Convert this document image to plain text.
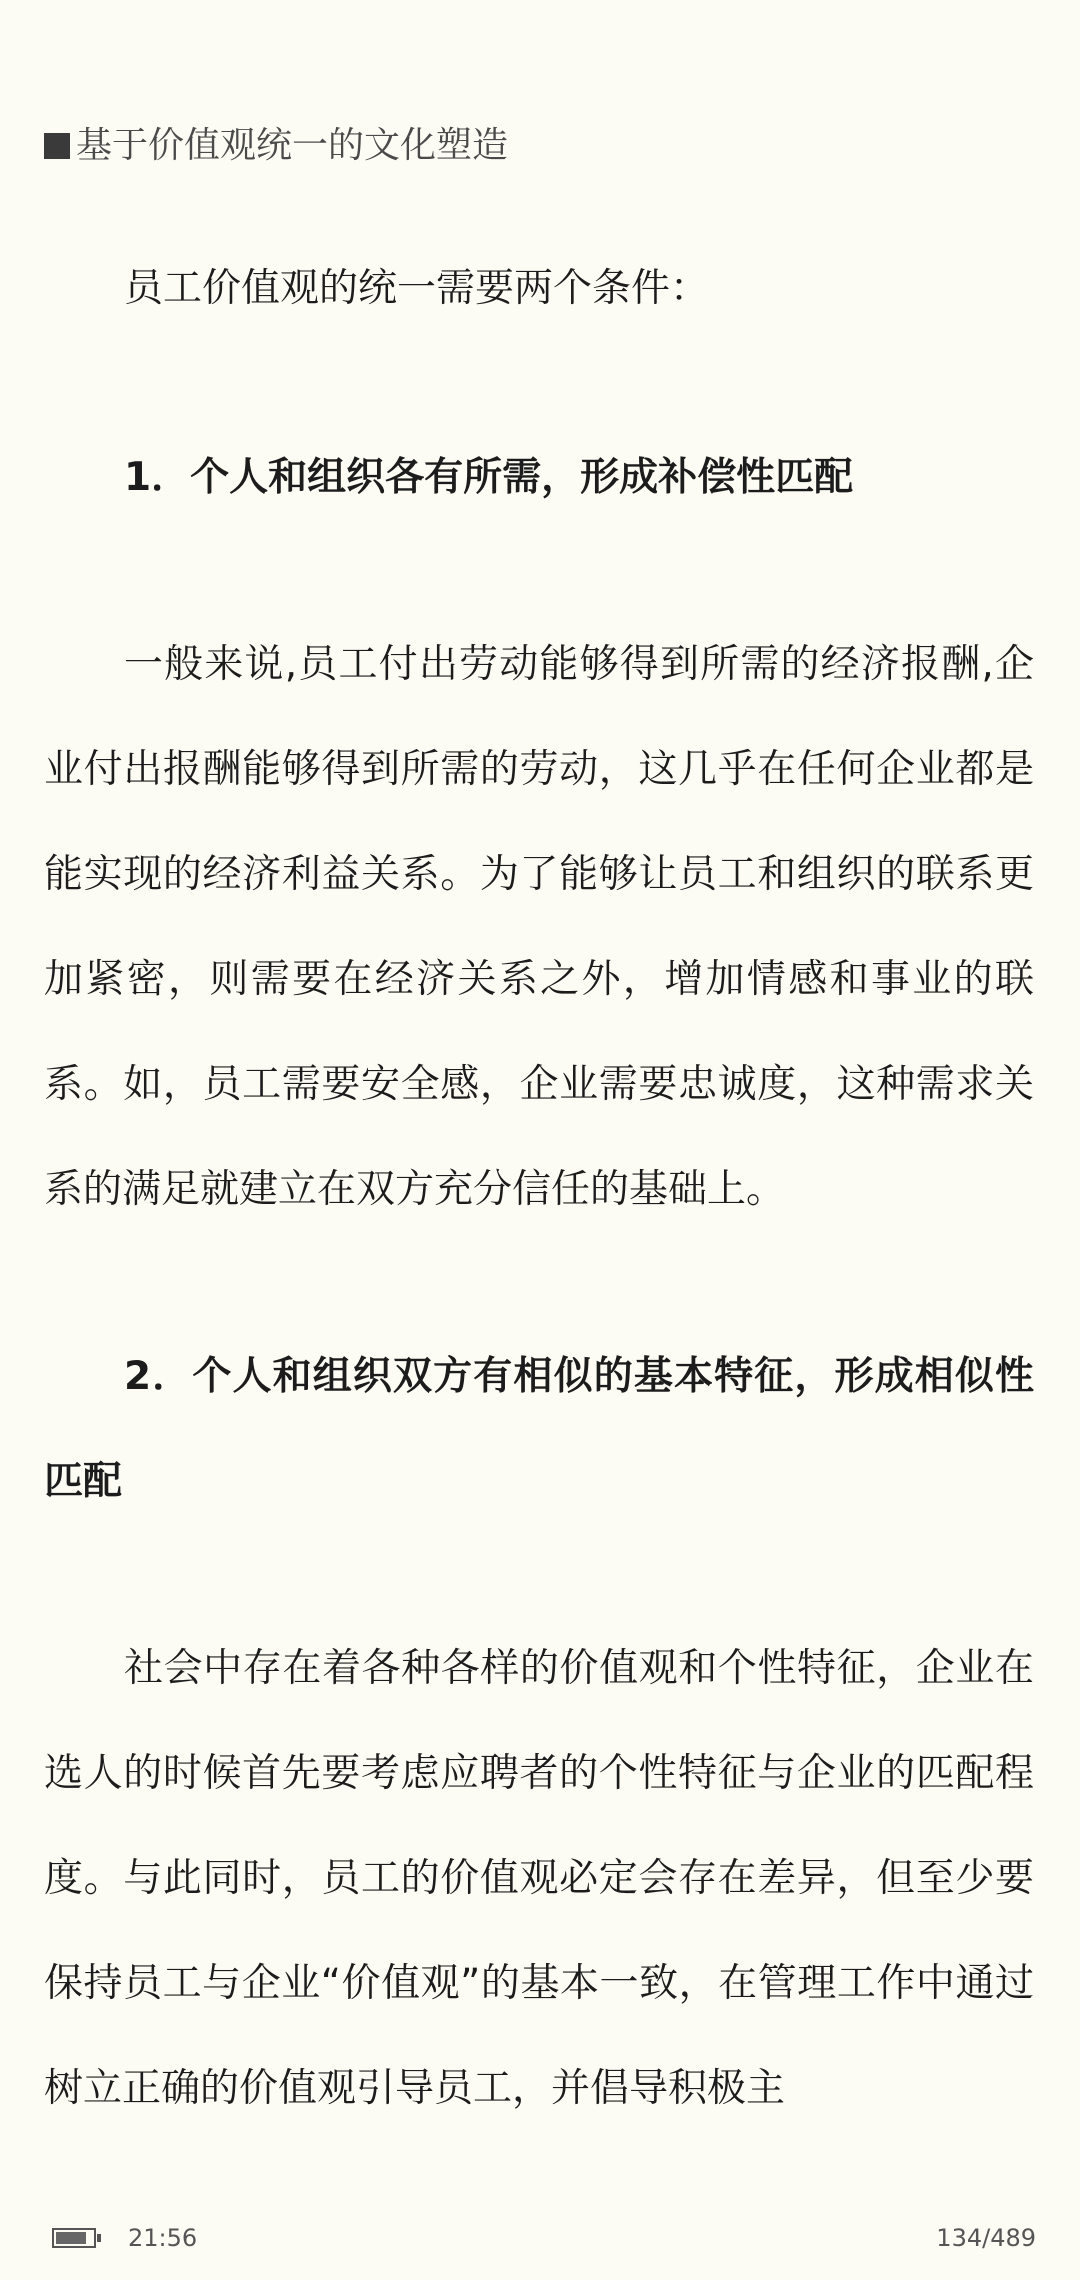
基于价值观统一的文化塑造

员工价值观的统一需要两个条件：

1．个人和组织各有所需，形成补偿性匹配

一般来说,员工付出劳动能够得到所需的经济报酬,企业付出报酬能够得到所需的劳动，这几乎在任何企业都是能实现的经济利益关系。为了能够让员工和组织的联系更加紧密，则需要在经济关系之外，增加情感和事业的联系。如，员工需要安全感，企业需要忠诚度，这种需求关系的满足就建立在双方充分信任的基础上。

2．个人和组织双方有相似的基本特征，形成相似性匹配

社会中存在着各种各样的价值观和个性特征，企业在选人的时候首先要考虑应聘者的个性特征与企业的匹配程度。与此同时，员工的价值观必定会存在差异，但至少要保持员工与企业“价值观”的基本一致，在管理工作中通过树立正确的价值观引导员工，并倡导积极主

21:56	134/489
